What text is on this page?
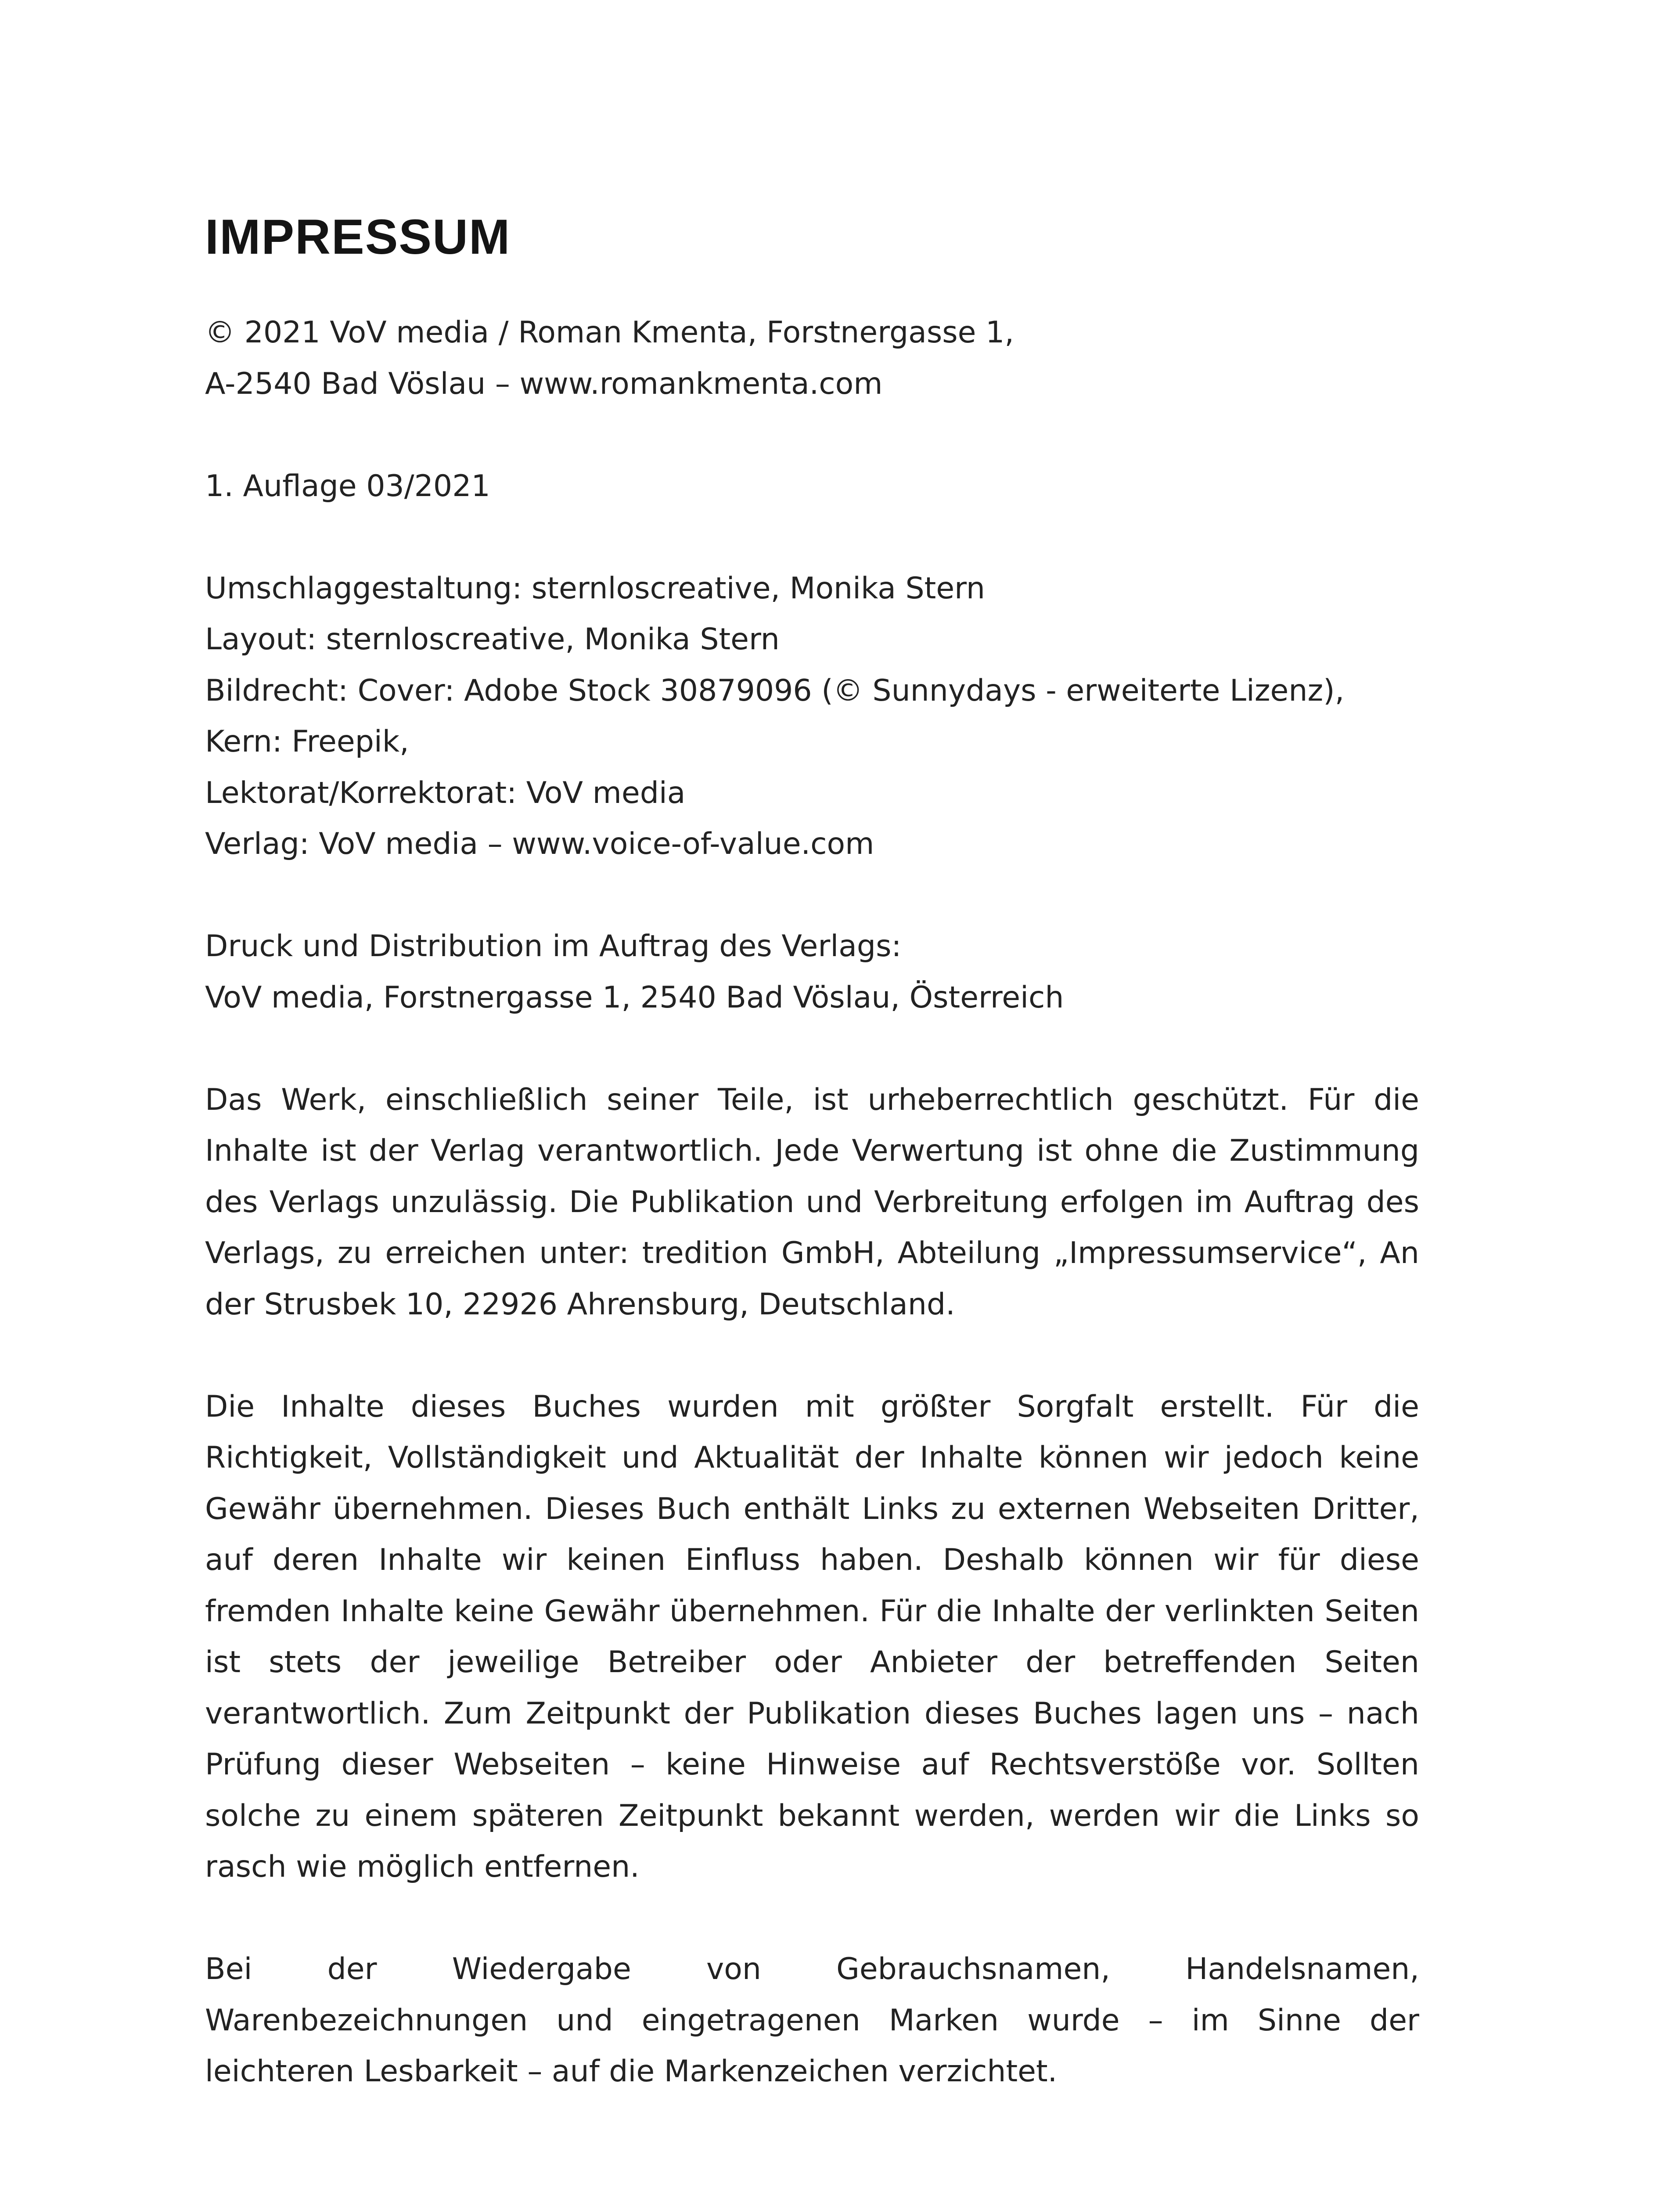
IMPRESSUM
© 2021 VoV media / Roman Kmenta, Forstnergasse 1,
A-2540 Bad Vöslau – www.romankmenta.com
1. Auflage 03/2021
Umschlaggestaltung: sternloscreative, Monika Stern
Layout: sternloscreative, Monika Stern
Bildrecht: Cover: Adobe Stock 30879096 (© Sunnydays - erweiterte Lizenz),
Kern: Freepik,
Lektorat/Korrektorat: VoV media
Verlag: VoV media – www.voice-of-value.com
Druck und Distribution im Auftrag des Verlags:
VoV media, Forstnergasse 1, 2540 Bad Vöslau, Österreich

Das Werk, einschließlich seiner Teile, ist urheberrechtlich geschützt. Für die Inhalte ist der Verlag verantwortlich. Jede Verwertung ist ohne die Zustimmung des Verlags unzulässig. Die Publikation und Verbreitung erfolgen im Auftrag des Verlags, zu erreichen unter: tredition GmbH, Abteilung „Impressumservice“, An der Strusbek 10, 22926 Ahrensburg, Deutschland.

Die Inhalte dieses Buches wurden mit größter Sorgfalt erstellt. Für die Richtigkeit, Vollständigkeit und Aktualität der Inhalte können wir jedoch keine Gewähr übernehmen. Dieses Buch enthält Links zu externen Webseiten Dritter, auf deren Inhalte wir keinen Einfluss haben. Deshalb können wir für diese fremden Inhalte keine Gewähr übernehmen. Für die Inhalte der verlinkten Seiten ist stets der jeweilige Betreiber oder Anbieter der betreffenden Seiten verantwortlich. Zum Zeitpunkt der Publikation dieses Buches lagen uns – nach Prüfung dieser Webseiten – keine Hinweise auf Rechtsverstöße vor. Sollten solche zu einem späteren Zeitpunkt bekannt werden, werden wir die Links so rasch wie möglich entfernen.

Bei der Wiedergabe von Gebrauchsnamen, Handelsnamen, Warenbezeichnungen und eingetragenen Marken wurde – im Sinne der leichteren Lesbarkeit – auf die Markenzeichen verzichtet.
